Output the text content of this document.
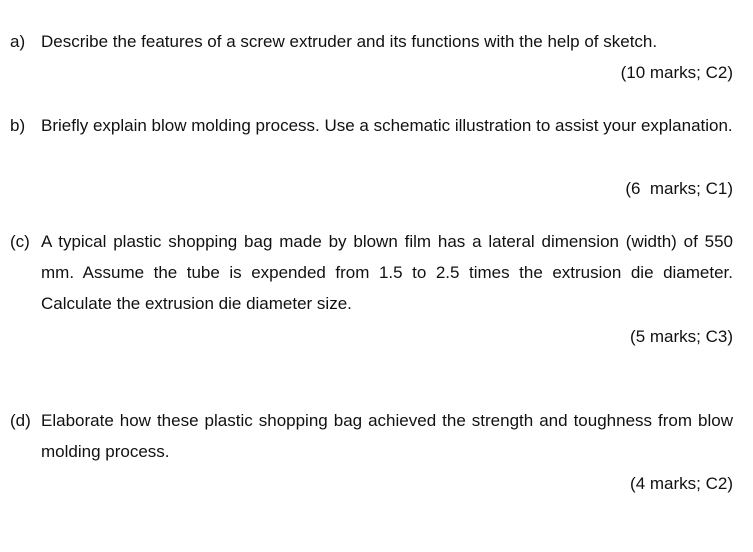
a) Describe the features of a screw extruder and its functions with the help of sketch.
(10 marks; C2)
b) Briefly explain blow molding process. Use a schematic illustration to assist your explanation.
(6  marks; C1)
(c) A typical plastic shopping bag made by blown film has a lateral dimension (width) of 550 mm. Assume the tube is expended from 1.5 to 2.5 times the extrusion die diameter. Calculate the extrusion die diameter size.
(5 marks; C3)
(d) Elaborate how these plastic shopping bag achieved the strength and toughness from blow molding process.
(4 marks; C2)
